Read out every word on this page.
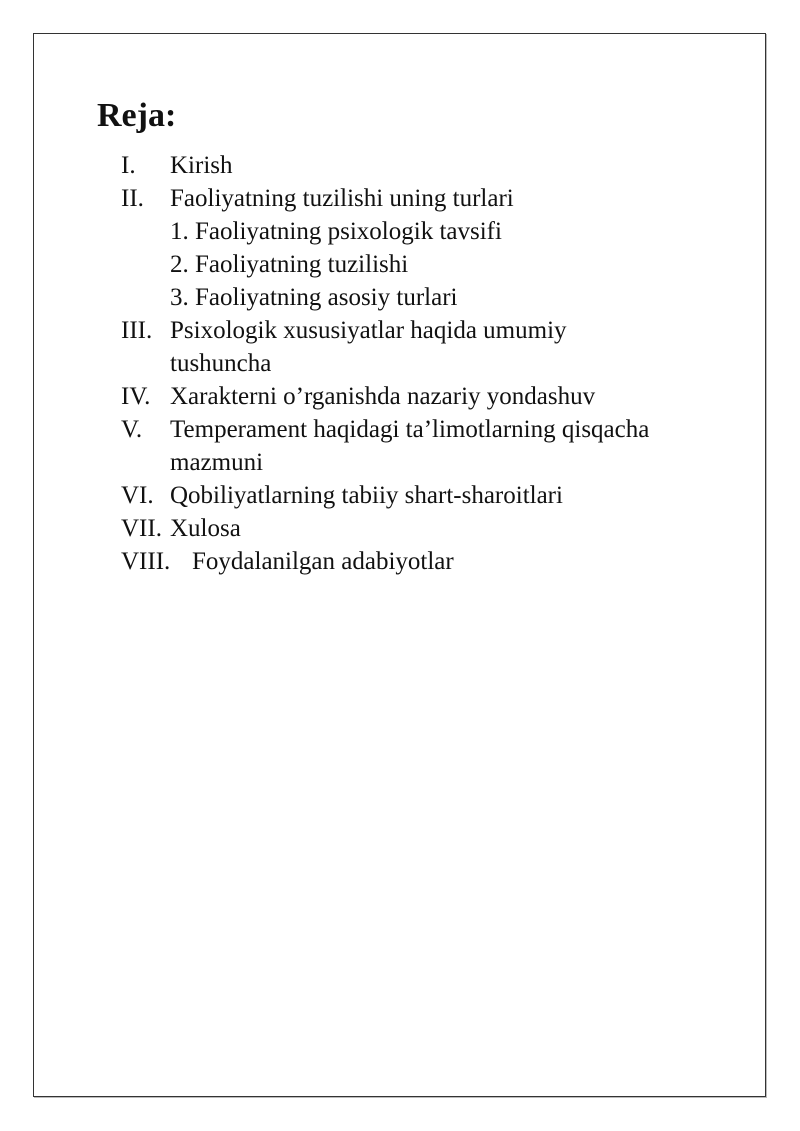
Reja:
I. Kirish
II. Faoliyatning tuzilishi uning turlari
1. Faoliyatning psixologik tavsifi
2. Faoliyatning tuzilishi
3. Faoliyatning asosiy turlari
III. Psixologik xususiyatlar haqida umumiy
tushuncha
IV. Xarakterni o’rganishda nazariy yondashuv
V. Temperament haqidagi ta’limotlarning qisqacha
mazmuni
VI. Qobiliyatlarning tabiiy shart-sharoitlari
VII. Xulosa
VIII. Foydalanilgan adabiyotlar
